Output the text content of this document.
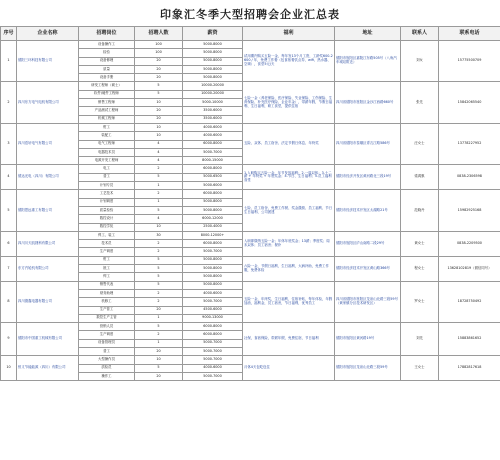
印象汇冬季大型招聘会企业汇总表
序号	企业名称	招聘岗位	招聘人数	薪资	福利	地址	联系人	联系电话
1	德阳三环科技有限公司	设备操作工	100	5000-8000	试用期内购买五险一金，每年发13个月工资，工龄奖600-2600 / 年，免费工作餐（包食宿餐饮点券、wifi、热水器、空调），食堂5元/天	德阳市旌阳区嘉陵江东路505号（八角汽车城站附近）	刘女	15775500709
		检验	100	5000-8000				
		设备修理	20	5000-8000				
		质量	20	5000-8000				
		设备手册	20	5000-8000				
2	四川东方电气电机有限公司	研发工程师（硕士）	5	10000-20000	七险一金（养老保险、医疗保险、失业保险、工伤保险、生育保险、补充医疗保险、企业年金），带薪年假，节假日福利、生日福利，职工食堂，提供住宿	四川省德阳市旌阳区金沙江西路660号	张先	15842065540
		软件/硬件工程师	5	10000-20000				
		销售工程师	10	5000-10000				
		产品测试工程师	20	3500-6000				
		机械工程师	20	3500-6000				
3	四川语轩电气有限公司	钳工	10	4000-6000	五险、双休、员工宿舍、法定节假日休息、年终奖	四川省德阳市泰顺区青衣江路586号	汪女士	13778227952
		装配工	10	4000-6000				
		电气工程师	4	6000-8000				
		电器技术员	4	5000-7000				
		电源开发工程师	4	8000-15000				
4	德达光电（四川）有限公司	电工	2	6000-8000	1.入职购买五险一金，年节发放福利；2.一周双休；3.十二薪 + 年终奖 + 年底奖金；4.节日、生日福利；5.员工福利食堂	德阳市经济开发区黄河路北三段19号	梁鸿骐	0838-2306598
		普工	5	5000-6500				
		计划专员	1	5000-6000				
5	德阳思远重工有限公司	工艺技术	2	6000-8000	七险、员工宿舍、免费工作餐、奖金激励、员工福利、节日生日福利、公司团建	德阳市经济技术开发区太湖路21号	范晓丹	15982925168
		计划调度	1	5000-8000				
		质量检验	5	5000-8000				
		数控设计	4	6000-12000				
		数控学徒	10	2500-4000				
6	四川川天凯捷科有限公司	焊工、装工	30	8000-12000+	入职即缴纳五险一金；年休年底奖金；13薪；季度奖；周末双休；员工宿舍；餐补	德阳市旌阳区庐山南路二段29号	黄女士	0838-2209500
		技术员	2	6000-8000				
		生产调度	2	5000-7000				
7	东方汽轮机有限公司	钳工	5	5000-8000	六险一金，节假日福利，生日福利，大病补助，免费工作服，免费体检	德阳市经济技术开发区黄山路366号	程女士	13628102819（微信同号）
		铣工	5	5000-8000				
		焊工	5	5000-8000				
8	四川德鑫电器有限公司	销售代表	5	5000-8000	五险一金，年终奖，生日福利，住宿补贴，每年体检，年假加油，福利金，员工宿舍，节日福利，优秀员工	四川省德阳市旌阳区龙泉山北路三段59号（黄家镇分区技术研发区）	罗女士	18728750492
		财务助理	2	4000-6000				
		机修工	2	5000-7000				
		生产普工	20	4500-6000				
		数控生产主管	1	9000-13000				
9	德阳市中国重工机械有限公司	营销人员	5	6000-8000	社保，食宿保险，带薪年假，免费住宿，节日福利	德阳市旌阳区黄河路19号	刘先	15883861652
		生产调度	2	6000-8000				
		设备管理员	1	5000-7000				
		普工	20	5000-7000				
10	恒义节能能源（四川）有限公司	大型操作员	10	5000-7000	月休4天包吃包住	德阳市旌阳区龙泉山北路三段59号	王女士	17882817618
		质检员	5	4000-6000				
		操作工	20	5000-7000				
